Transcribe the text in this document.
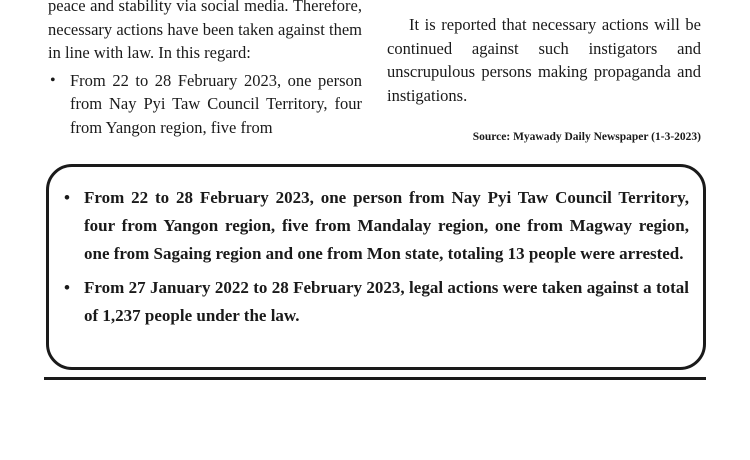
peace and stability via social media. Therefore, necessary actions have been taken against them in line with law. In this regard:

• From 22 to 28 February 2023, one person from Nay Pyi Taw Council Territory, four from Yangon region, five from

It is reported that necessary actions will be continued against such instigators and unscrupulous persons making propaganda and instigations.

Source: Myawady Daily Newspaper (1-3-2023)
• From 22 to 28 February 2023, one person from Nay Pyi Taw Council Territory, four from Yangon region, five from Mandalay region, one from Magway region, one from Sagaing region and one from Mon state, totaling 13 people were arrested.
• From 27 January 2022 to 28 February 2023, legal actions were taken against a total of 1,237 people under the law.
